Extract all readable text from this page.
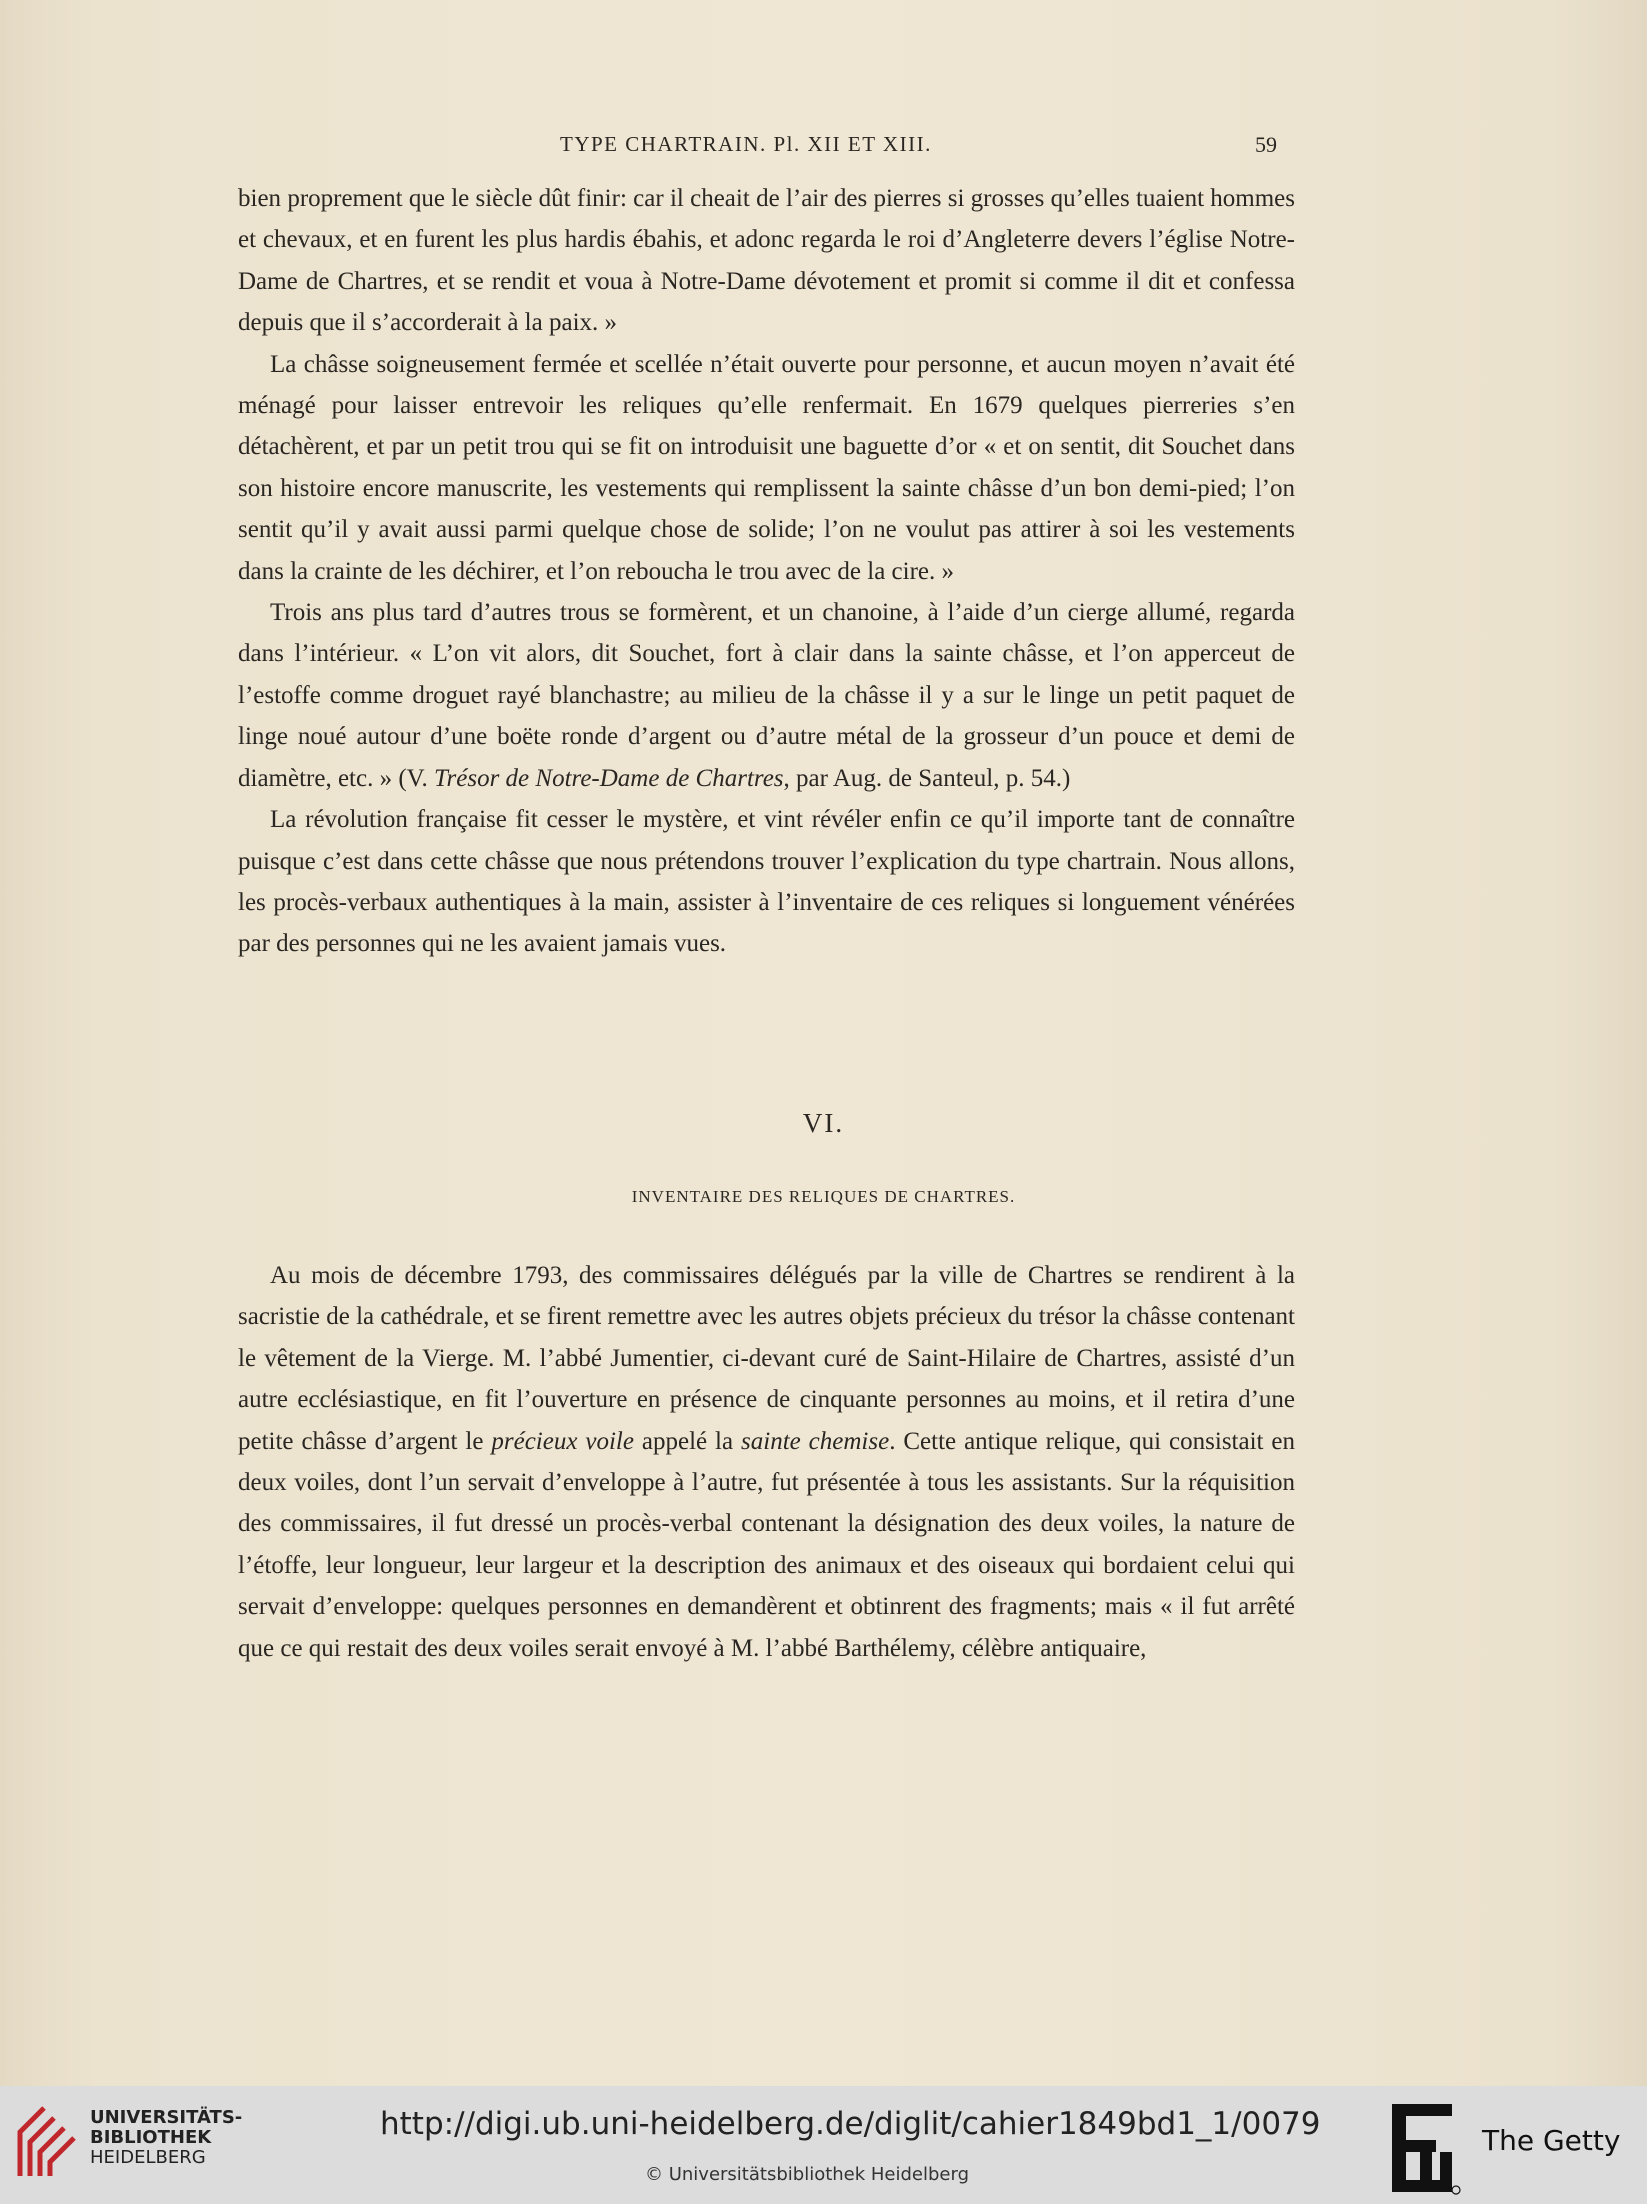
TYPE CHARTRAIN. Pl. XII ET XIII.	59

bien proprement que le siècle dût finir: car il cheait de l’air des pierres si grosses qu’elles tuaient hommes et chevaux, et en furent les plus hardis ébahis, et adonc regarda le roi d’Angleterre devers l’église Notre-Dame de Chartres, et se rendit et voua à Notre-Dame dévotement et promit si comme il dit et confessa depuis que il s’accorderait à la paix. »

La châsse soigneusement fermée et scellée n’était ouverte pour personne, et aucun moyen n’avait été ménagé pour laisser entrevoir les reliques qu’elle renfermait. En 1679 quelques pierreries s’en détachèrent, et par un petit trou qui se fit on introduisit une baguette d’or « et on sentit, dit Souchet dans son histoire encore manuscrite, les vestements qui remplissent la sainte châsse d’un bon demi-pied; l’on sentit qu’il y avait aussi parmi quelque chose de solide; l’on ne voulut pas attirer à soi les vestements dans la crainte de les déchirer, et l’on reboucha le trou avec de la cire. »

Trois ans plus tard d’autres trous se formèrent, et un chanoine, à l’aide d’un cierge allumé, regarda dans l’intérieur. « L’on vit alors, dit Souchet, fort à clair dans la sainte châsse, et l’on apperceut de l’estoffe comme droguet rayé blanchastre; au milieu de la châsse il y a sur le linge un petit paquet de linge noué autour d’une boëte ronde d’argent ou d’autre métal de la grosseur d’un pouce et demi de diamètre, etc. » (V. Trésor de Notre-Dame de Chartres, par Aug. de Santeul, p. 54.)

La révolution française fit cesser le mystère, et vint révéler enfin ce qu’il importe tant de connaître puisque c’est dans cette châsse que nous prétendons trouver l’explication du type chartrain. Nous allons, les procès-verbaux authentiques à la main, assister à l’inventaire de ces reliques si longuement vénérées par des personnes qui ne les avaient jamais vues.

VI.
INVENTAIRE DES RELIQUES DE CHARTRES.

Au mois de décembre 1793, des commissaires délégués par la ville de Chartres se rendirent à la sacristie de la cathédrale, et se firent remettre avec les autres objets précieux du trésor la châsse contenant le vêtement de la Vierge. M. l’abbé Jumentier, ci-devant curé de Saint-Hilaire de Chartres, assisté d’un autre ecclésiastique, en fit l’ouverture en présence de cinquante personnes au moins, et il retira d’une petite châsse d’argent le précieux voile appelé la sainte chemise. Cette antique relique, qui consistait en deux voiles, dont l’un servait d’enveloppe à l’autre, fut présentée à tous les assistants. Sur la réquisition des commissaires, il fut dressé un procès-verbal contenant la désignation des deux voiles, la nature de l’étoffe, leur longueur, leur largeur et la description des animaux et des oiseaux qui bordaient celui qui servait d’enveloppe: quelques personnes en demandèrent et obtinrent des fragments; mais « il fut arrêté que ce qui restait des deux voiles serait envoyé à M. l’abbé Barthélemy, célèbre antiquaire,

UNIVERSITÄTS-
BIBLIOTHEK
HEIDELBERG
http://digi.ub.uni-heidelberg.de/diglit/cahier1849bd1_1/0079
© Universitätsbibliothek Heidelberg
The Getty
